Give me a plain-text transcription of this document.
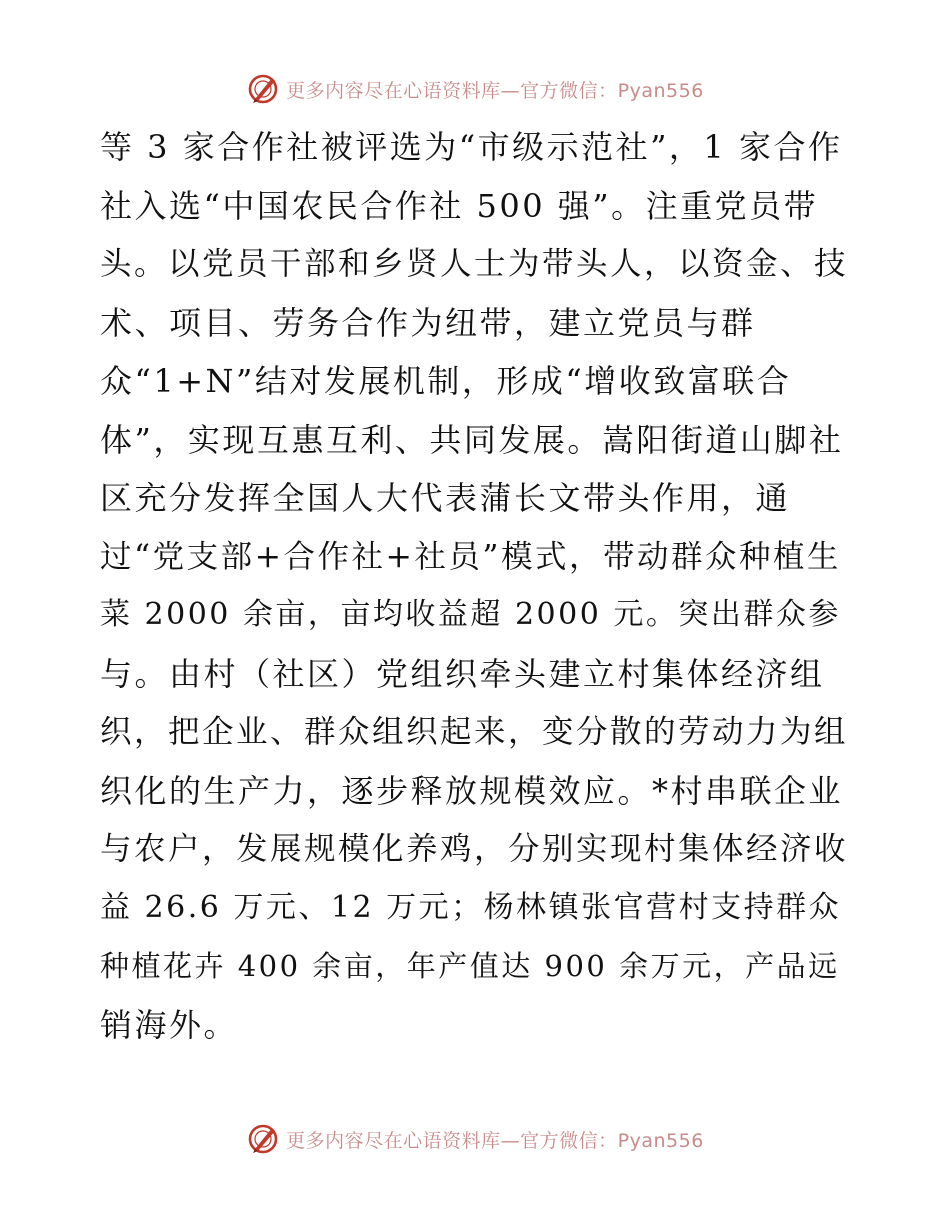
更多内容尽在心语资料库—官方微信：Pyan556
等 3 家合作社被评选为“市级示范社”，1 家合作
社入选“中国农民合作社 500 强”。注重党员带
头。以党员干部和乡贤人士为带头人，以资金、技
术、项目、劳务合作为纽带，建立党员与群
众“1+N”结对发展机制，形成“增收致富联合
体”，实现互惠互利、共同发展。嵩阳街道山脚社
区充分发挥全国人大代表蒲长文带头作用，通
过“党支部+合作社+社员”模式，带动群众种植生
菜 2000 余亩，亩均收益超 2000 元。突出群众参
与。由村（社区）党组织牵头建立村集体经济组
织，把企业、群众组织起来，变分散的劳动力为组
织化的生产力，逐步释放规模效应。*村串联企业
与农户，发展规模化养鸡，分别实现村集体经济收
益 26.6 万元、12 万元；杨林镇张官营村支持群众
种植花卉 400 余亩，年产值达 900 余万元，产品远
销海外。
更多内容尽在心语资料库—官方微信：Pyan556
